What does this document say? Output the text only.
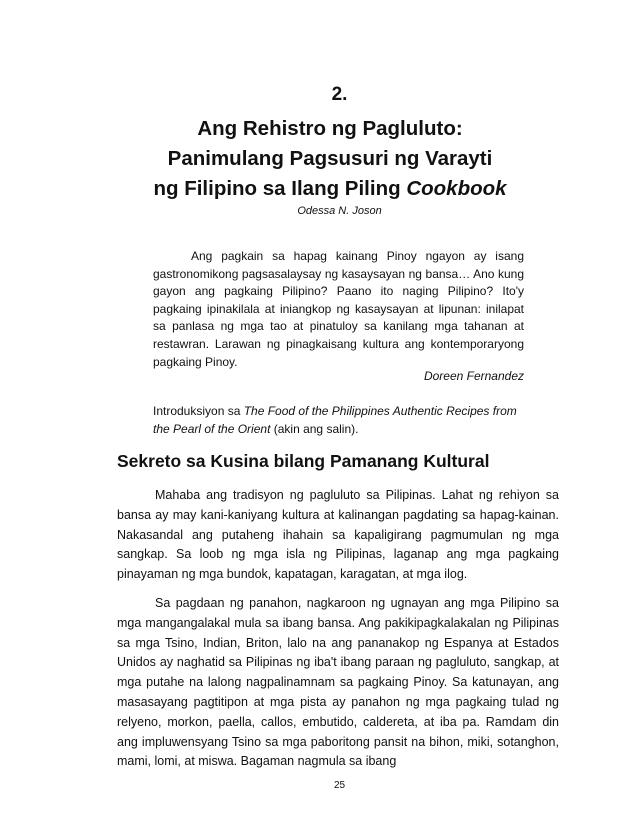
2.
Ang Rehistro ng Pagluluto:
Panimulang Pagsusuri ng Varayti
ng Filipino sa Ilang Piling Cookbook

Odessa N. Joson

Ang pagkain sa hapag kainang Pinoy ngayon ay isang gastronomikong pagsasalaysay ng kasaysayan ng bansa… Ano kung gayon ang pagkaing Pilipino? Paano ito naging Pilipino? Ito'y pagkaing ipinakilala at iniangkop ng kasaysayan at lipunan: inilapat sa panlasa ng mga tao at pinatuloy sa kanilang mga tahanan at restawran. Larawan ng pinagkaisang kultura ang kontemporaryong pagkaing Pinoy.

Doreen Fernandez

Introduksiyon sa The Food of the Philippines Authentic Recipes from the Pearl of the Orient (akin ang salin).

Sekreto sa Kusina bilang Pamanang Kultural

Mahaba ang tradisyon ng pagluluto sa Pilipinas. Lahat ng rehiyon sa bansa ay may kani-kaniyang kultura at kalinangan pagdating sa hapag-kainan. Nakasandal ang putaheng ihahain sa kapaligirang pagmumulan ng mga sangkap. Sa loob ng mga isla ng Pilipinas, laganap ang mga pagkaing pinayaman ng mga bundok, kapatagan, karagatan, at mga ilog.

Sa pagdaan ng panahon, nagkaroon ng ugnayan ang mga Pilipino sa mga mangangalakal mula sa ibang bansa. Ang pakikipagkalakalan ng Pilipinas sa mga Tsino, Indian, Briton, lalo na ang pananakop ng Espanya at Estados Unidos ay naghatid sa Pilipinas ng iba't ibang paraan ng pagluluto, sangkap, at mga putahe na lalong nagpalinamnam sa pagkaing Pinoy. Sa katunayan, ang masasayang pagtitipon at mga pista ay panahon ng mga pagkaing tulad ng relyeno, morkon, paella, callos, embutido, caldereta, at iba pa. Ramdam din ang impluwensyang Tsino sa mga paboritong pansit na bihon, miki, sotanghon, mami, lomi, at miswa. Bagaman nagmula sa ibang

25
